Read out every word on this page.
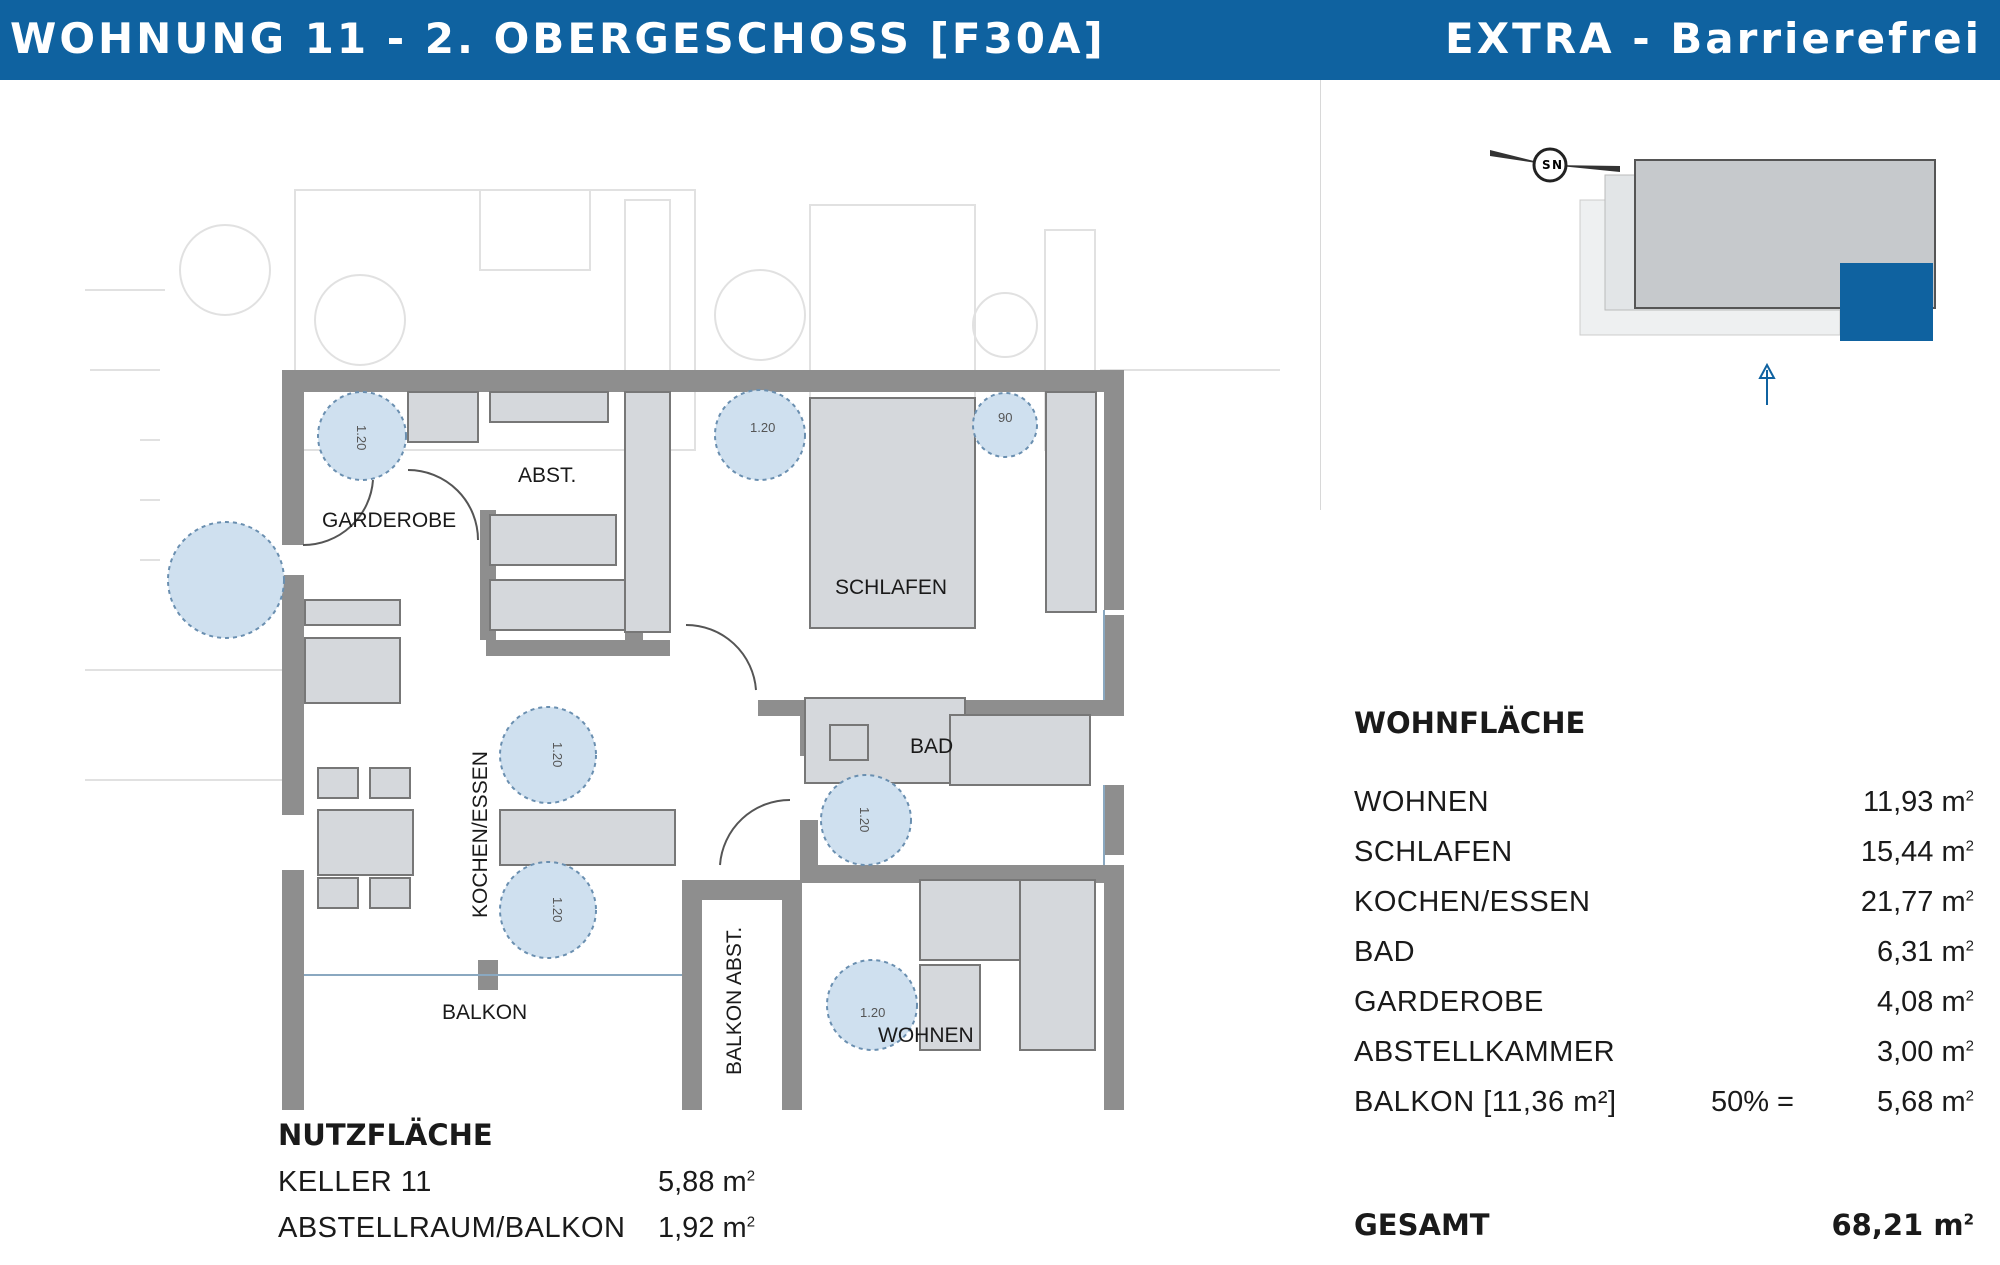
WOHNUNG 11 - 2. OBERGESCHOSS [F30A]	EXTRA - Barrierefrei
1.20
90
1.20
1.20
1.20
1.20
1.20
ABST.
GARDEROBE
SCHLAFEN
BAD
KOCHEN/ESSEN
WOHNEN
BALKON	BALKON ABST.
S N
NUTZFLÄCHE
KELLER 11	5,88 $m^2$
ABSTELLRAUM/BALKON	1,92 $m^2$
WOHNFLÄCHE
WOHNEN	11,93 $m^2$
SCHLAFEN	15,44 $m^2$
KOCHEN/ESSEN	21,77 $m^2$
BAD	6,31 $m^2$
GARDEROBE	4,08 $m^2$
ABSTELLKAMMER	3,00 $m^2$
BALKON [11,36 m²]	50% =	5,68 $m^2$
GESAMT	68,21 $m^2$
